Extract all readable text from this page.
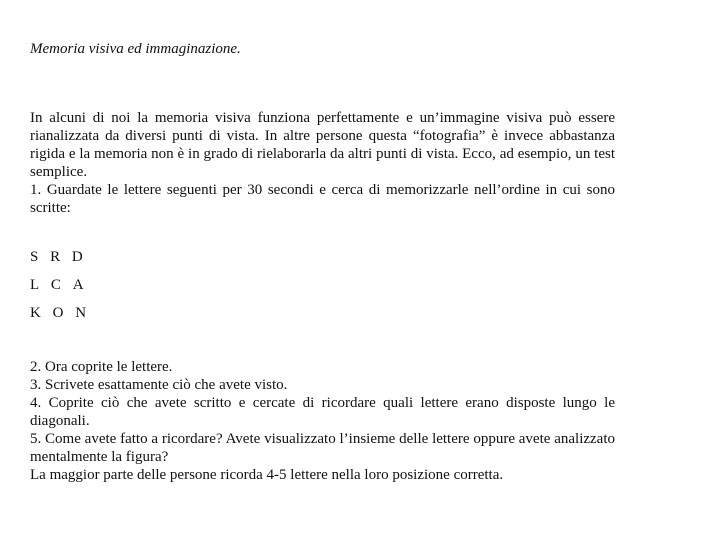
Memoria visiva ed immaginazione.

In alcuni di noi la memoria visiva funziona perfettamente e un’immagine visiva può essere rianalizzata da diversi punti di vista. In altre persone questa “fotografia” è invece abbastanza rigida e la memoria non è in grado di rielaborarla da altri punti di vista. Ecco, ad esempio, un test semplice.

1. Guardate le lettere seguenti per 30 secondi e cerca di memorizzarle nell’ordine in cui sono scritte:

S R D
L C A
K O N

2. Ora coprite le lettere.

3. Scrivete esattamente ciò che avete visto.

4. Coprite ciò che avete scritto e cercate di ricordare quali lettere erano disposte lungo le diagonali.

5. Come avete fatto a ricordare? Avete visualizzato l’insieme delle lettere oppure avete analizzato mentalmente la figura?

La maggior parte delle persone ricorda 4-5 lettere nella loro posizione corretta.
